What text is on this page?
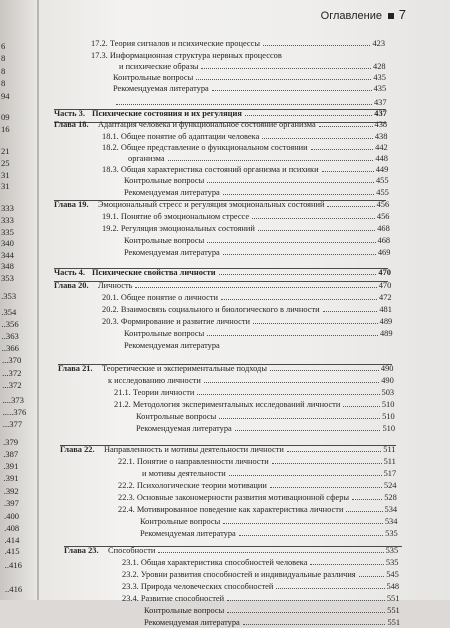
6
8
8
8
94
09
16
21
25
31
31
333
333
335
340
344
348
353
.353
.354
..356
..363
..366
...370
...372
...372
....373
.....376
...377
.379
.387
.391
.391
.392
.397
.400
.408
.414
.415
..416
..416
Оглавление	7
17.2. Теория сигналов и психические процессы	423
17.3. Информационная структура нервных процессов
и психические образы	428
Контрольные вопросы	435
Рекомендуемая литература	435
437
Часть 3. Психические состояния и их регуляция	437
Глава 18. Адаптация человека и функциональное состояние организма	438
18.1. Общее понятие об адаптации человека	438
18.2. Общее представление о функциональном состоянии	442
организма	448
18.3. Общая характеристика состояний организма и психики	449
Контрольные вопросы	455
Рекомендуемая литература	455
Глава 19. Эмоциональный стресс и регуляция эмоциональных состояний	456
19.1. Понятие об эмоциональном стрессе	456
19.2. Регуляция эмоциональных состояний	468
Контрольные вопросы	468
Рекомендуемая литература	469
Часть 4. Психические свойства личности	470
Глава 20. Личность	470
20.1. Общее понятие о личности	472
20.2. Взаимосвязь социального и биологического в личности	481
20.3. Формирование и развитие личности	489
Контрольные вопросы	489
Рекомендуемая литература
Глава 21. Теоретические и экспериментальные подходы	490
к исследованию личности	490
21.1. Теории личности	503
21.2. Методология экспериментальных исследований личности	510
Контрольные вопросы	510
Рекомендуемая литература	510
Глава 22. Направленность и мотивы деятельности личности	511
22.1. Понятие о направленности личности	511
и мотивы деятельности	517
22.2. Психологические теории мотивации	524
22.3. Основные закономерности развития мотивационной сферы	528
22.4. Мотивированное поведение как характеристика личности	534
Контрольные вопросы	534
Рекомендуемая литература	535
Глава 23. Способности	535
23.1. Общая характеристика способностей человека	535
23.2. Уровни развития способностей и индивидуальные различия	545
23.3. Природа человеческих способностей	548
23.4. Развитие способностей	551
Контрольные вопросы	551
Рекомендуемая литература	551
